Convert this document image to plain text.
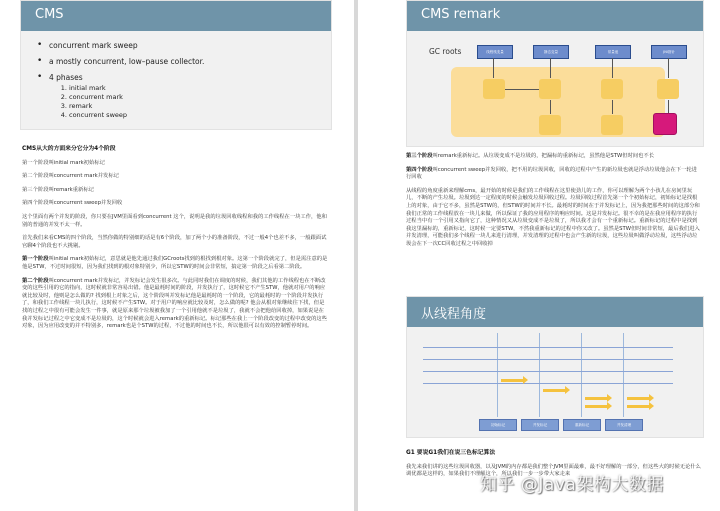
CMS
• concurrent mark sweep
• a mostly concurrent, low–pause collector.
• 4 phases
1. initial mark
2. concurrent mark
3. remark
4. concurrent sweep

CMS从大的方面来分它分为4个阶段

第一个阶段叫initial mark初始标记

第二个阶段叫concurrent mark并发标记

第三个阶段叫remark重新标记

第四个阶段叫concurrent sweep并发回收

这个里面有两个并发的阶段，你只要在JVM里面看到concurrent 这个，说明是我的垃圾回收线程和我的工作线程在一块工作，他和别的普通的并发不太一样。

首先我们来看CMS的四个阶段，当然你做的特别细的话是有6个阶段，加了两个小的准备阶段，不过一般4个也差不多，一般跟面试官聊4个阶段也不大挑剔。

第一个阶段叫initial mark初始标记，意思就是他先通过我们GCroots找到的根找到根对象。这第一个阶段就完了，但是需注意的是他是STW，不过时间很短，因为我们找到的根对象特别少，所以它STW的时间会非常短，搞定第一阶段之后看第二阶段。

第二个阶段叫concurrent mark并发标记，并发标记会发生很多次。与此同时我们在调度的时候，我们其他的工作线程也在不断改变的这些引用的它的指向，这时候就非常容易出错。他是最耗时间的阶段，并发执行了，这时候它不产生STW，他就对用户的响应就比较及时，他则是怎么做的? 找到根上对象之后，这个阶段叫并发标记他是最耗时的一个阶段，它的最耗时的一个阶段并发执行了，和我们工作线程一块儿执行，这时候不产生STW。对于用户的响应就比较及时，怎么做的呢? 他会从根对象继续往下找，但是找的过程之中很有可能会发生一件事，就是原来那个垃圾被我加了一个引用他就不是垃圾了，我就不会把他给回收掉，如果说是在我并发标记过程之中它变成不是垃圾的，这个时候就会进入remark的重新标记。标记那些在我上一个阶段改变的过程中改变的这些对象，因为应用改变的并不特别多，remark也是个STW的过程，不过他的时间也不长，所以他很可以有效的控制暂停时间。

CMS remark
GC roots	线程栈变量	静态变量	常量池	JNI指针

第三个阶段叫remark重新标记。从垃圾变成不是垃圾的，把漏标的重新标记，虽然他是STW但时间也不长

第四个阶段叫concurrent sweep并发回收，把不用的垃圾回收，回收的过程中产生的新垃圾也就是浮动垃圾他会在下一轮进行回收

从线程的角度重新来理解cms，最开始的时候是我们的工作线程在这里使劲儿的工作，你可以理解为两个小孩儿在房间里玩儿，不断的产生垃圾。垃圾到达一定程度的时候会触发垃圾回收过程。垃圾回收过程首先第一个个初始标记，初始标记是找根上的对象，由于它不多，虽然是STW的，但STW的时间并不长。最耗时的时间在于并发标记上，因为我把那些时间的这部分和我们正常的工作线程放在一块儿来做，所以保证了我的应用程序的响应时间。这是并发标记。很不幸的是在我应用程序的执行过程当中有一个引用又指向它了，这种情况又从垃圾变成不是垃圾了，所以我才会有一个重新标记。重新标记的过程中是找到我这里漏标的，重新标记，这时候一定要STW，不然我重新标记的过程中你又改了。虽然是STW但时间非常短，最后我们进入并发清理，可能我们多个线程一块儿来进行清理，并发清理的过程中也会产生新的垃圾，这些垃圾叫做浮动垃圾，这些浮动垃圾会在下一次CC回收过程之中回收掉

从线程角度
初始标记	并发标记	重新标记	并发清理

G1 要说G1我们在说三色标记算法

我先来我们讲的这些垃圾回收器，以及JVM的内存都是我们整个JVM里面最难，最不好理解的一部分，但这些大的时候无论什么调优都是这样的，如果我们不理解这个，所以我们一步一步带大家走来

知乎 @Java架构大数据
